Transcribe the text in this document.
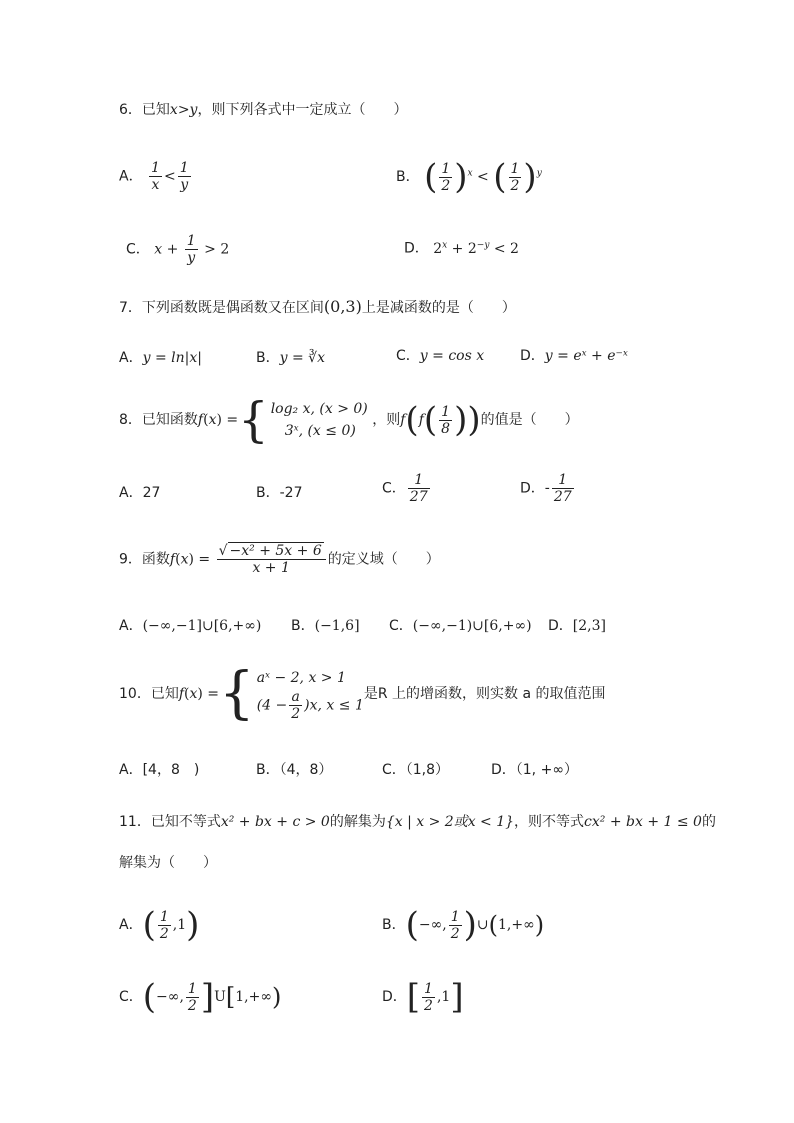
6．已知x>y，则下列各式中一定成立（　　）
A． $\frac{1}{x} < \frac{1}{y}$	B． ( $\frac{1}{2} )^x$ < ( $\frac{1}{2} )^y$
C． $x + \frac{1}{y} > 2$	D． $2^x + 2^{-y} < 2$
7．下列函数既是偶函数又在区间(0,3)上是减函数的是（　　）
A．y = ln|x|	B．y = ∛x	C．y = cos x	D．y = eˣ + e⁻ˣ
8．已知函数f(x) ={ log₂ x, (x > 0)
3ˣ, (x ≤ 0)
，则$f(f( \frac{1}{8}$ ))的值是（　　）
A．27	B．-27	C． $\frac{1}{27}$	D．- $\frac{1}{27}$
9．函数$f(x) = \frac{\text{√ −x² + 5x + 6}}{x + 1}$ 的定义域（　　）
A．(−∞,−1]∪[6,+∞) B．(−1,6] C．(−∞,−1)∪[6,+∞) D．[2,3]
10．已知f(x) ={ aˣ − 2, x > 1
$(4 - \frac{a}{2} )x$, x ≤ 1
是R 上的增函数，则实数 a 的取值范围
A．[4，8　)	B．（4，8）	C．（1,8）	D．（1, +∞）
11．已知不等式x² + bx + c > 0的解集为{x | x > 2或x < 1}，则不等式cx² + bx + 1 ≤ 0的
解集为（　　）
A．( $\frac{1}{2} ,1$)	B．(−∞, $\frac{1}{2}$ )∪(1,+∞)
C．(−∞, $\frac{1}{2} ]U[1,+\infty)$	D．[ $\frac{1}{2} ,1$]
